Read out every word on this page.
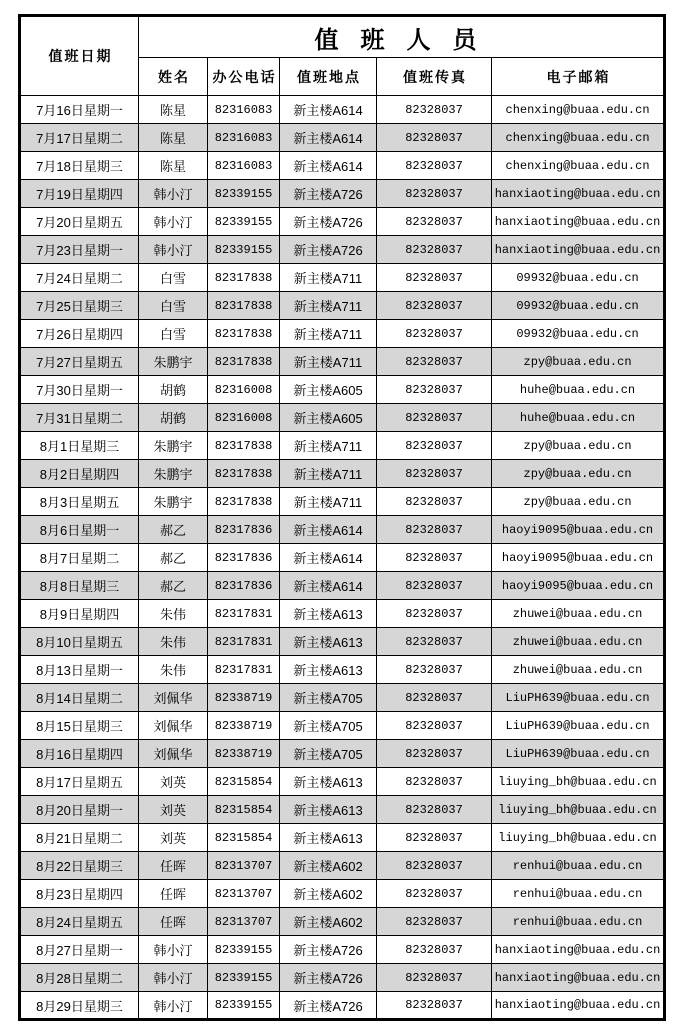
值班日期	值班人员				
	姓名	办公电话	值班地点	值班传真	电子邮箱
7月16日星期一	陈星	82316083	新主楼A614	82328037	chenxing@buaa.edu.cn
7月17日星期二	陈星	82316083	新主楼A614	82328037	chenxing@buaa.edu.cn
7月18日星期三	陈星	82316083	新主楼A614	82328037	chenxing@buaa.edu.cn
7月19日星期四	韩小汀	82339155	新主楼A726	82328037	hanxiaoting@buaa.edu.cn
7月20日星期五	韩小汀	82339155	新主楼A726	82328037	hanxiaoting@buaa.edu.cn
7月23日星期一	韩小汀	82339155	新主楼A726	82328037	hanxiaoting@buaa.edu.cn
7月24日星期二	白雪	82317838	新主楼A711	82328037	09932@buaa.edu.cn
7月25日星期三	白雪	82317838	新主楼A711	82328037	09932@buaa.edu.cn
7月26日星期四	白雪	82317838	新主楼A711	82328037	09932@buaa.edu.cn
7月27日星期五	朱鹏宇	82317838	新主楼A711	82328037	zpy@buaa.edu.cn
7月30日星期一	胡鹤	82316008	新主楼A605	82328037	huhe@buaa.edu.cn
7月31日星期二	胡鹤	82316008	新主楼A605	82328037	huhe@buaa.edu.cn
8月1日星期三	朱鹏宇	82317838	新主楼A711	82328037	zpy@buaa.edu.cn
8月2日星期四	朱鹏宇	82317838	新主楼A711	82328037	zpy@buaa.edu.cn
8月3日星期五	朱鹏宇	82317838	新主楼A711	82328037	zpy@buaa.edu.cn
8月6日星期一	郝乙	82317836	新主楼A614	82328037	haoyi9095@buaa.edu.cn
8月7日星期二	郝乙	82317836	新主楼A614	82328037	haoyi9095@buaa.edu.cn
8月8日星期三	郝乙	82317836	新主楼A614	82328037	haoyi9095@buaa.edu.cn
8月9日星期四	朱伟	82317831	新主楼A613	82328037	zhuwei@buaa.edu.cn
8月10日星期五	朱伟	82317831	新主楼A613	82328037	zhuwei@buaa.edu.cn
8月13日星期一	朱伟	82317831	新主楼A613	82328037	zhuwei@buaa.edu.cn
8月14日星期二	刘佩华	82338719	新主楼A705	82328037	LiuPH639@buaa.edu.cn
8月15日星期三	刘佩华	82338719	新主楼A705	82328037	LiuPH639@buaa.edu.cn
8月16日星期四	刘佩华	82338719	新主楼A705	82328037	LiuPH639@buaa.edu.cn
8月17日星期五	刘英	82315854	新主楼A613	82328037	liuying_bh@buaa.edu.cn
8月20日星期一	刘英	82315854	新主楼A613	82328037	liuying_bh@buaa.edu.cn
8月21日星期二	刘英	82315854	新主楼A613	82328037	liuying_bh@buaa.edu.cn
8月22日星期三	任晖	82313707	新主楼A602	82328037	renhui@buaa.edu.cn
8月23日星期四	任晖	82313707	新主楼A602	82328037	renhui@buaa.edu.cn
8月24日星期五	任晖	82313707	新主楼A602	82328037	renhui@buaa.edu.cn
8月27日星期一	韩小汀	82339155	新主楼A726	82328037	hanxiaoting@buaa.edu.cn
8月28日星期二	韩小汀	82339155	新主楼A726	82328037	hanxiaoting@buaa.edu.cn
8月29日星期三	韩小汀	82339155	新主楼A726	82328037	hanxiaoting@buaa.edu.cn
